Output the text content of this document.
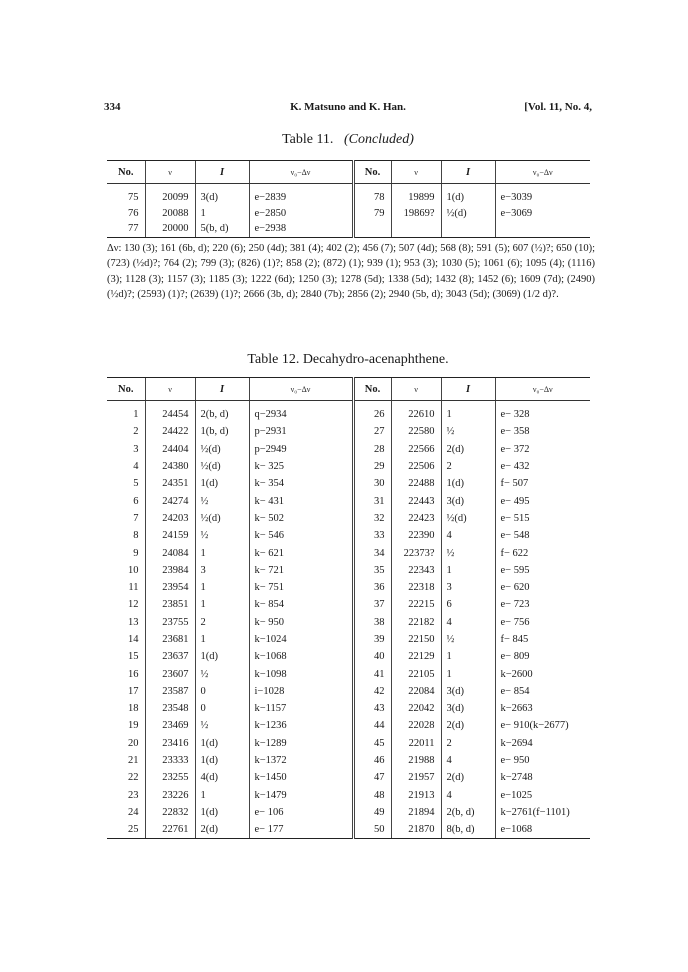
334	K. Matsuno and K. Han.	[Vol. 11, No. 4,
Table 11. (Concluded)
No.	ν	I	ν₀−Δν	No.	ν	I	ν₀−Δν
75	20099	3(d)	e−2839	78	19899	1(d)	e−3039
76	20088	1	e−2850	79	19869?	½(d)	e−3069
77	20000	5(b, d)	e−2938				
Δν: 130 (3); 161 (6b, d); 220 (6); 250 (4d); 381 (4); 402 (2); 456 (7); 507 (4d); 568 (8); 591 (5); 607 (½)?; 650 (10); (723) (½d)?; 764 (2); 799 (3); (826) (1)?; 858 (2); (872) (1); 939 (1); 953 (3); 1030 (5); 1061 (6); 1095 (4); (1116) (3); 1128 (3); 1157 (3); 1185 (3); 1222 (6d); 1250 (3); 1278 (5d); 1338 (5d); 1432 (8); 1452 (6); 1609 (7d); (2490) (½d)?; (2593) (1)?; (2639) (1)?; 2666 (3b, d); 2840 (7b); 2856 (2); 2940 (5b, d); 3043 (5d); (3069) (1/2 d)?.
Table 12. Decahydro-acenaphthene.
No.	ν	I	ν₀−Δν	No.	ν	I	ν₀−Δν
1	24454	2(b, d)	q−2934	26	22610	1	e− 328
2	24422	1(b, d)	p−2931	27	22580	½	e− 358
3	24404	½(d)	p−2949	28	22566	2(d)	e− 372
4	24380	½(d)	k− 325	29	22506	2	e− 432
5	24351	1(d)	k− 354	30	22488	1(d)	f− 507
6	24274	½	k− 431	31	22443	3(d)	e− 495
7	24203	½(d)	k− 502	32	22423	½(d)	e− 515
8	24159	½	k− 546	33	22390	4	e− 548
9	24084	1	k− 621	34	22373?	½	f− 622
10	23984	3	k− 721	35	22343	1	e− 595
11	23954	1	k− 751	36	22318	3	e− 620
12	23851	1	k− 854	37	22215	6	e− 723
13	23755	2	k− 950	38	22182	4	e− 756
14	23681	1	k−1024	39	22150	½	f− 845
15	23637	1(d)	k−1068	40	22129	1	e− 809
16	23607	½	k−1098	41	22105	1	k−2600
17	23587	0	i−1028	42	22084	3(d)	e− 854
18	23548	0	k−1157	43	22042	3(d)	k−2663
19	23469	½	k−1236	44	22028	2(d)	e− 910(k−2677)
20	23416	1(d)	k−1289	45	22011	2	k−2694
21	23333	1(d)	k−1372	46	21988	4	e− 950
22	23255	4(d)	k−1450	47	21957	2(d)	k−2748
23	23226	1	k−1479	48	21913	4	e−1025
24	22832	1(d)	e− 106	49	21894	2(b, d)	k−2761(f−1101)
25	22761	2(d)	e− 177	50	21870	8(b, d)	e−1068
